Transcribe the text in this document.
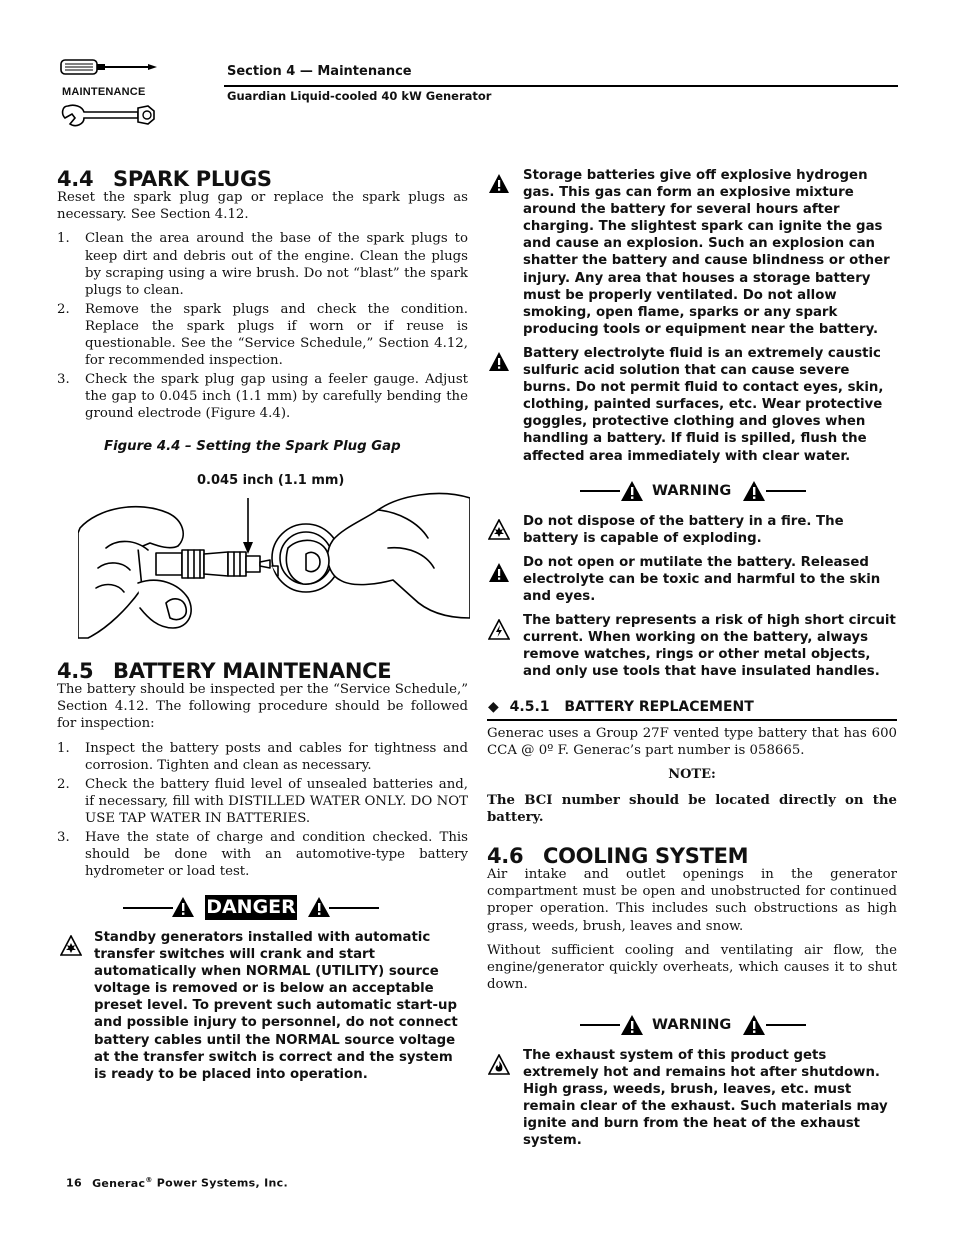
MAINTENANCE
Section 4 — Maintenance
Guardian Liquid-cooled 40 kW Generator
4.4 SPARK PLUGS
Reset the spark plug gap or replace the spark plugs as necessary. See Section 4.12.
1. Clean the area around the base of the spark plugs to keep dirt and debris out of the engine. Clean the plugs by scraping using a wire brush. Do not “blast” the spark plugs to clean.
2. Remove the spark plugs and check the condition. Replace the spark plugs if worn or if reuse is questionable. See the “Service Schedule,” Section 4.12, for recommended inspection.
3. Check the spark plug gap using a feeler gauge. Adjust the gap to 0.045 inch (1.1 mm) by carefully bending the ground electrode (Figure 4.4).
Figure 4.4 – Setting the Spark Plug Gap
0.045 inch (1.1 mm)
4.5 BATTERY MAINTENANCE
The battery should be inspected per the “Service Schedule,” Section 4.12. The following procedure should be followed for inspection:
1. Inspect the battery posts and cables for tightness and corrosion. Tighten and clean as necessary.
2. Check the battery fluid level of unsealed batteries and, if necessary, fill with DISTILLED WATER ONLY. DO NOT USE TAP WATER IN BATTERIES.
3. Have the state of charge and condition checked. This should be done with an automotive-type battery hydrometer or load test.
DANGER
Standby generators installed with automatic transfer switches will crank and start automatically when NORMAL (UTILITY) source voltage is removed or is below an acceptable preset level. To prevent such automatic start-up and possible injury to personnel, do not connect battery cables until the NORMAL source voltage at the transfer switch is correct and the system is ready to be placed into operation.
Storage batteries give off explosive hydrogen gas. This gas can form an explosive mixture around the battery for several hours after charging. The slightest spark can ignite the gas and cause an explosion. Such an explosion can shatter the battery and cause blindness or other injury. Any area that houses a storage battery must be properly ventilated. Do not allow smoking, open flame, sparks or any spark producing tools or equipment near the battery.
Battery electrolyte fluid is an extremely caustic sulfuric acid solution that can cause severe burns. Do not permit fluid to contact eyes, skin, clothing, painted surfaces, etc. Wear protective goggles, protective clothing and gloves when handling a battery. If fluid is spilled, flush the affected area immediately with clear water.
WARNING
Do not dispose of the battery in a fire. The battery is capable of exploding.
Do not open or mutilate the battery. Released electrolyte can be toxic and harmful to the skin and eyes.
The battery represents a risk of high short circuit current. When working on the battery, always remove watches, rings or other metal objects, and only use tools that have insulated handles.
◆ 4.5.1 BATTERY REPLACEMENT
Generac uses a Group 27F vented type battery that has 600 CCA @ 0º F. Generac’s part number is 058665.
NOTE:
The BCI number should be located directly on the battery.
4.6 COOLING SYSTEM
Air intake and outlet openings in the generator compartment must be open and unobstructed for continued proper operation. This includes such obstructions as high grass, weeds, brush, leaves and snow.
Without sufficient cooling and ventilating air flow, the engine/generator quickly overheats, which causes it to shut down.
WARNING
The exhaust system of this product gets extremely hot and remains hot after shutdown. High grass, weeds, brush, leaves, etc. must remain clear of the exhaust. Such materials may ignite and burn from the heat of the exhaust system.
16 Generac® Power Systems, Inc.
